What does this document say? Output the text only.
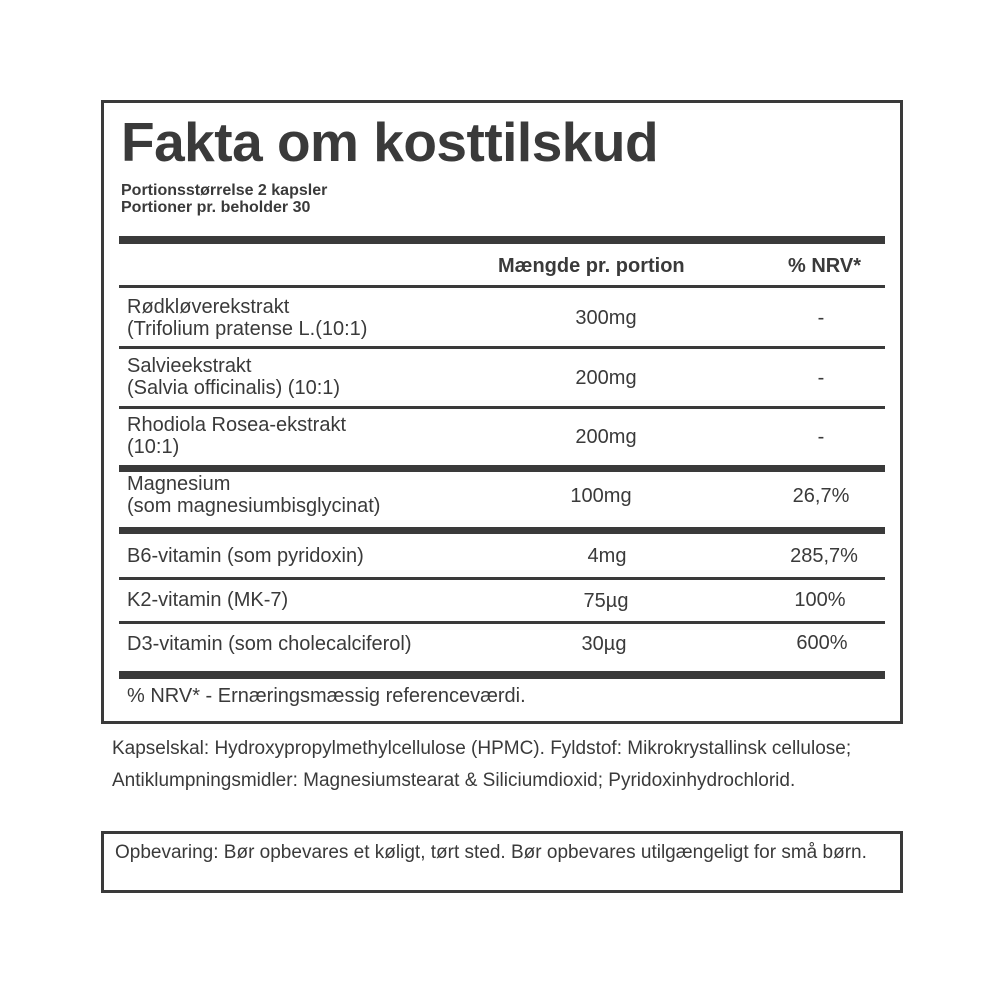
Fakta om kosttilskud
Portionsstørrelse 2 kapsler
Portioner pr. beholder 30
Mængde pr. portion	% NRV*
Rødkløverekstrakt
(Trifolium pratense L.(10:1)	300mg	-
Salvieekstrakt
(Salvia officinalis) (10:1)	200mg	-
Rhodiola Rosea-ekstrakt
(10:1)	200mg	-
Magnesium
(som magnesiumbisglycinat)	100mg	26,7%
B6-vitamin (som pyridoxin)	4mg	285,7%
K2-vitamin (MK-7)	75µg	100%
D3-vitamin (som cholecalciferol)	30µg	600%
% NRV* - Ernæringsmæssig referenceværdi.
Kapselskal: Hydroxypropylmethylcellulose (HPMC). Fyldstof: Mikrokrystallinsk cellulose; Antiklumpningsmidler: Magnesiumstearat & Siliciumdioxid; Pyridoxinhydrochlorid.
Opbevaring: Bør opbevares et køligt, tørt sted. Bør opbevares utilgængeligt for små børn.
